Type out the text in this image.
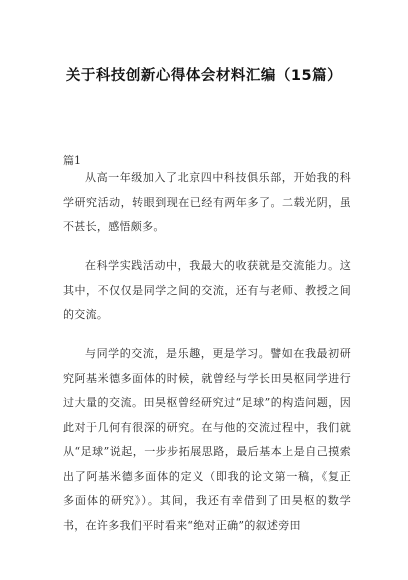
关于科技创新心得体会材料汇编（15篇）
篇1

从高一年级加入了北京四中科技俱乐部，开始我的科学研究活动，转眼到现在已经有两年多了。二载光阴，虽不甚长，感悟颇多。

在科学实践活动中，我最大的收获就是交流能力。这其中，不仅仅是同学之间的交流，还有与老师、教授之间的交流。

与同学的交流，是乐趣，更是学习。譬如在我最初研究阿基米德多面体的时候，就曾经与学长田昊枢同学进行过大量的交流。田昊枢曾经研究过“足球”的构造问题，因此对于几何有很深的研究。在与他的交流过程中，我们就从“足球”说起，一步步拓展思路，最后基本上是自己摸索出了阿基米德多面体的定义（即我的论文第一稿，《复正多面体的研究》）。其间，我还有幸借到了田昊枢的数学书，在许多我们平时看来“绝对正确”的叙述旁田
